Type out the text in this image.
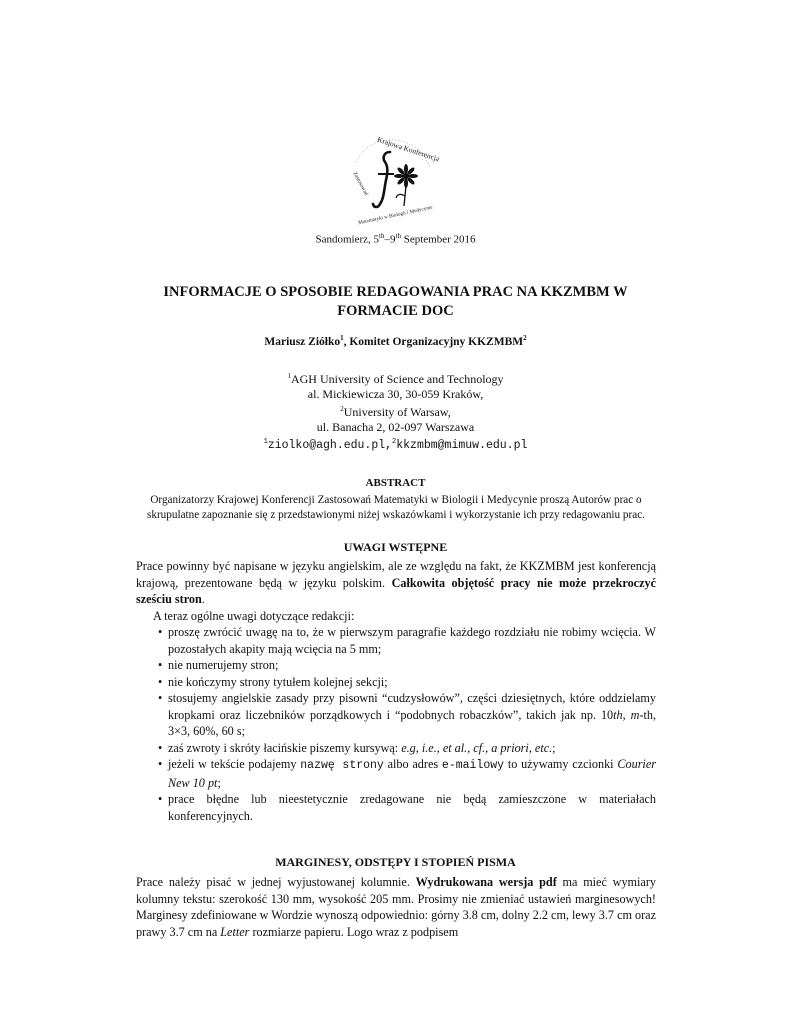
Krajowa Konferencja
Zastosowań
Matematyki w Biologii i Medycynie
Sandomierz, 5th–9th September 2016
INFORMACJE O SPOSOBIE REDAGOWANIA PRAC NA KKZMBM W FORMACIE DOC
Mariusz Ziółko$^1$, Komitet Organizacyjny KKZMBM$^2$
$^1$AGH University of Science and Technology
al. Mickiewicza 30, 30-059 Kraków,
$^2$University of Warsaw,
ul. Banacha 2, 02-097 Warszawa
$^1$ziolko@agh.edu.pl,$^2$kkzmbm@mimuw.edu.pl
ABSTRACT
Organizatorzy Krajowej Konferencji Zastosowań Matematyki w Biologii i Medycynie proszą Autorów prac o skrupulatne zapoznanie się z przedstawionymi niżej wskazówkami i wykorzystanie ich przy redagowaniu prac.
UWAGI WSTĘPNE

Prace powinny być napisane w języku angielskim, ale ze względu na fakt, że KKZMBM jest konferencją krajową, prezentowane będą w języku polskim. Całkowita objętość pracy nie może przekroczyć sześciu stron.

A teraz ogólne uwagi dotyczące redakcji:

• proszę zwrócić uwagę na to, że w pierwszym paragrafie każdego rozdziału nie robimy wcięcia. W pozostałych akapity mają wcięcia na 5 mm;
• nie numerujemy stron;
• nie kończymy strony tytułem kolejnej sekcji;
• stosujemy angielskie zasady przy pisowni “cudzysłowów”, części dziesiętnych, które oddzielamy kropkami oraz liczebników porządkowych i “podobnych robaczków”, takich jak np. 10th, m-th, 3×3, 60%, 60 s;
• zaś zwroty i skróty łacińskie piszemy kursywą: e.g, i.e., et al., cf., a priori, etc.;
• jeżeli w tekście podajemy nazwę strony albo adres e-mailowy to używamy czcionki Courier New 10 pt;
• prace błędne lub nieestetycznie zredagowane nie będą zamieszczone w materiałach konferencyjnych.
MARGINESY, ODSTĘPY I STOPIEŃ PISMA

Prace należy pisać w jednej wyjustowanej kolumnie. Wydrukowana wersja pdf ma mieć wymiary kolumny tekstu: szerokość 130 mm, wysokość 205 mm. Prosimy nie zmieniać ustawień marginesowych! Marginesy zdefiniowane w Wordzie wynoszą odpowiednio: górny 3.8 cm, dolny 2.2 cm, lewy 3.7 cm oraz prawy 3.7 cm na Letter rozmiarze papieru. Logo wraz z podpisem
